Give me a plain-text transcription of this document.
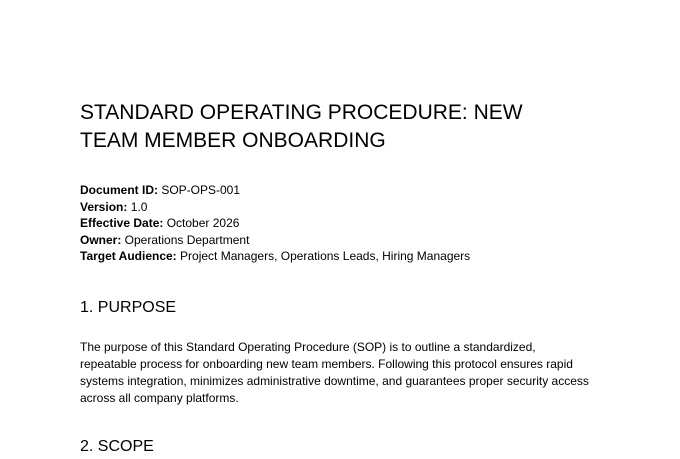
STANDARD OPERATING PROCEDURE: NEW
TEAM MEMBER ONBOARDING
Document ID: SOP-OPS-001
Version: 1.0
Effective Date: October 2026
Owner: Operations Department
Target Audience: Project Managers, Operations Leads, Hiring Managers
1. PURPOSE

The purpose of this Standard Operating Procedure (SOP) is to outline a standardized,
repeatable process for onboarding new team members. Following this protocol ensures rapid
systems integration, minimizes administrative downtime, and guarantees proper security access
across all company platforms.

2. SCOPE
